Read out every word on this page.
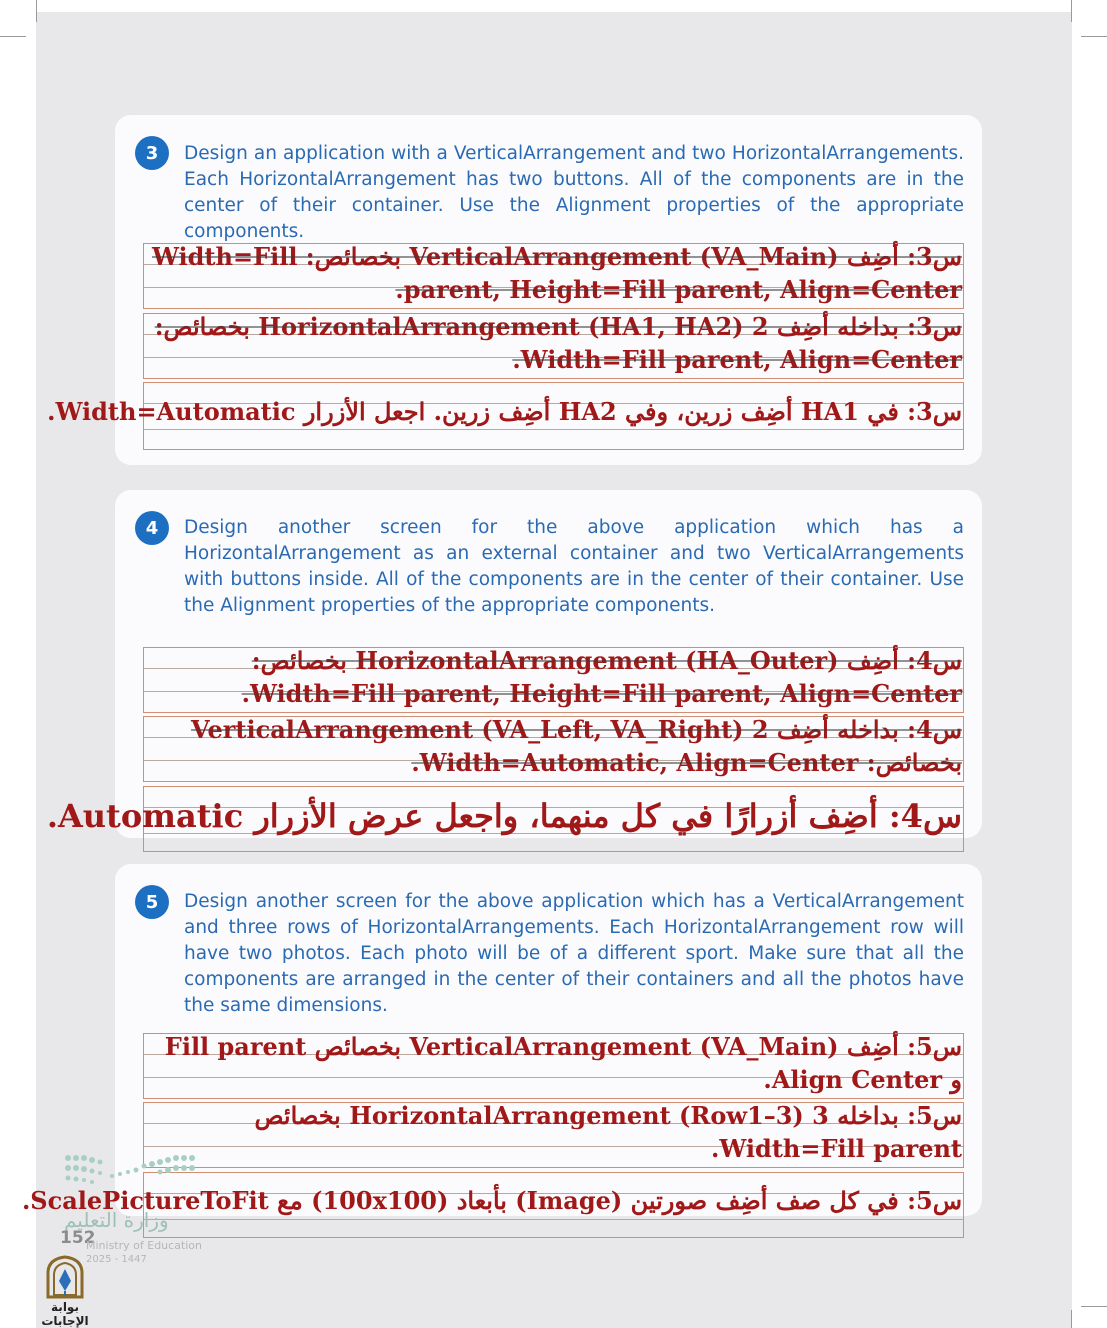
3	Design an application with a VerticalArrangement and two HorizontalArrangements. Each HorizontalArrangement has two buttons. All of the components are in the center of their container. Use the Alignment properties of the appropriate components.
س3: أضِف (VA_Main) VerticalArrangement بخصائص: Width=Fill parent, Height=Fill parent, Align=Center.
س3: بداخله أضِف 2 (HA1, HA2) HorizontalArrangement بخصائص: Width=Fill parent, Align=Center.
س3: في HA1 أضِف زرين، وفي HA2 أضِف زرين. اجعل الأزرار Width=Automatic.
4	Design another screen for the above application which has a HorizontalArrangement as an external container and two VerticalArrangements with buttons inside. All of the components are in the center of their container. Use the Alignment properties of the appropriate components.
س4: أضِف (HA_Outer) HorizontalArrangement بخصائص: Width=Fill parent, Height=Fill parent, Align=Center.
س4: بداخله أضِف 2 (VA_Left, VA_Right) VerticalArrangement بخصائص: Width=Automatic, Align=Center.
س4: أضِف أزرارًا في كل منهما، واجعل عرض الأزرار Automatic.
5	Design another screen for the above application which has a VerticalArrangement and three rows of HorizontalArrangements. Each HorizontalArrangement row will have two photos. Each photo will be of a different sport. Make sure that all the components are arranged in the center of their containers and all the photos have the same dimensions.
س5: أضِف (VA_Main) VerticalArrangement بخصائص Fill parent و Align Center.
س5: بداخله 3 (Row1–3) HorizontalArrangement بخصائص Width=Fill parent.
س5: في كل صف أضِف صورتين (Image) بأبعاد (100x100) مع ScalePictureToFit.
وزارة التعليم
152
Ministry of Education
2025 - 1447
بوابة الإجابات
